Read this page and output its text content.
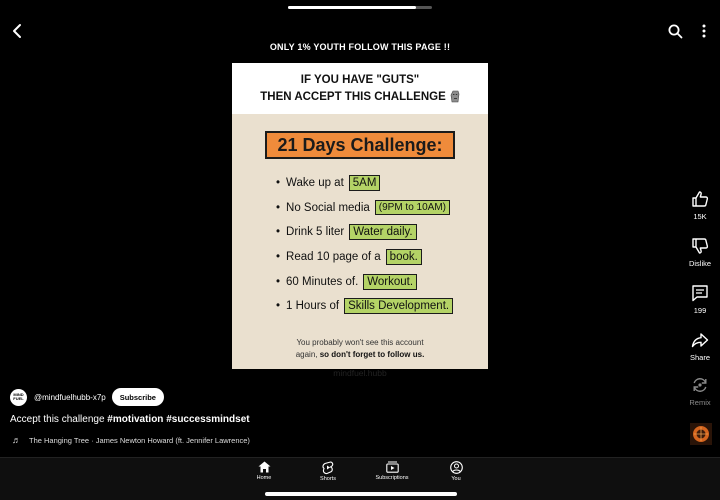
ONLY 1% YOUTH FOLLOW THIS PAGE !!
IF YOU HAVE "GUTS"
THEN ACCEPT THIS CHALLENGE
21 Days Challenge:
• Wake up at 5AM
• No Social media (9PM to 10AM)
• Drink 5 liter Water daily.
• Read 10 page of a book.
• 60 Minutes of. Workout.
• 1 Hours of Skills Development.
You probably won't see this account
again, so don't forget to follow us.
mindfuel.hubb
15K
Dislike
199
Share
Remix
MIND FUEL	@mindfuelhubb-x7p	Subscribe
Accept this challenge #motivation #successmindset
♬ The Hanging Tree · James Newton Howard (ft. Jennifer Lawrence)
Home	Shorts	Subscriptions	You
